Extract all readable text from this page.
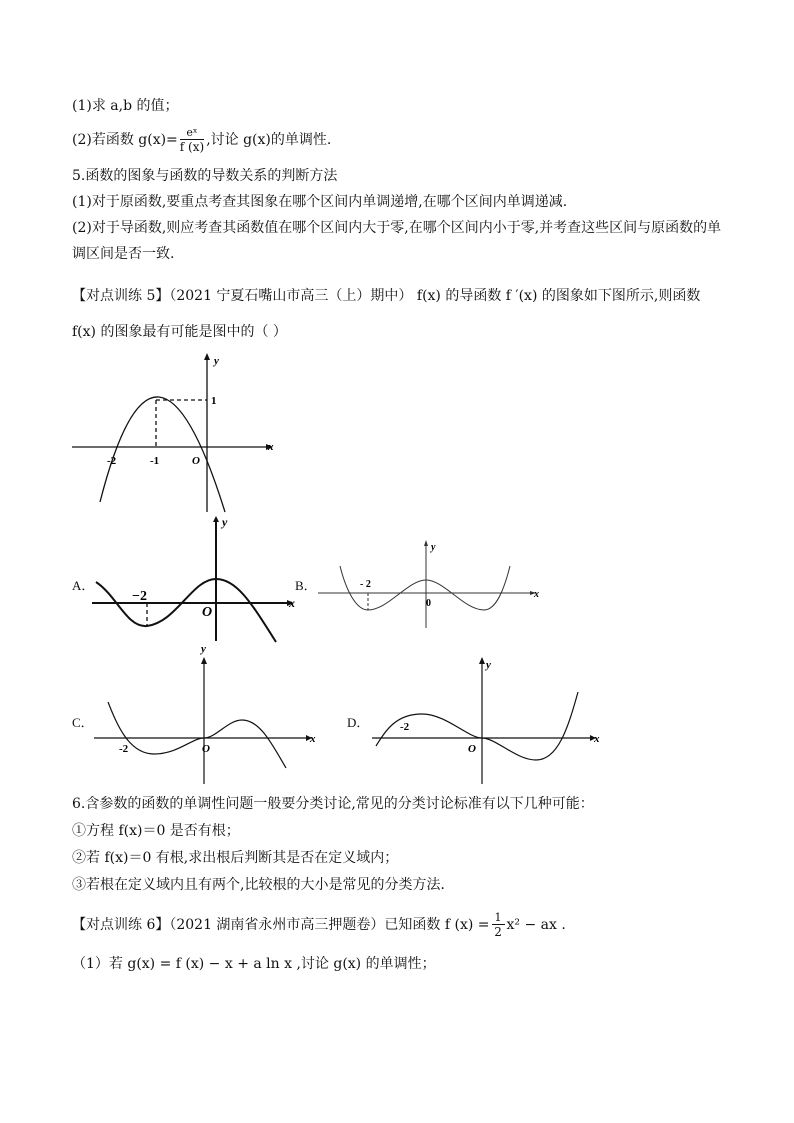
(1)求 a,b 的值；
(2)若函数 $g(x)= \frac{\text{eˣ}}{f (x)}$ ,讨论 g(x)的单调性.
5.函数的图象与函数的导数关系的判断方法
(1)对于原函数,要重点考查其图象在哪个区间内单调递增,在哪个区间内单调递减.
(2)对于导函数,则应考查其函数值在哪个区间内大于零,在哪个区间内小于零,并考查这些区间与原函数的单
调区间是否一致.
【对点训练 5】（2021 宁夏石嘴山市高三（上）期中） f(x) 的导函数 f ′(x) 的图象如下图所示,则函数
f(x) 的图象最有可能是图中的（ ）
x
y
-2	-1	O
1
A．
x
y
−2
O
B．
x
y
- 2
0
C．
x
y
-2	O
D．
x
y
-2
O
6.含参数的函数的单调性问题一般要分类讨论,常见的分类讨论标准有以下几种可能：
①方程 f(x)＝0 是否有根；
②若 f(x)＝0 有根,求出根后判断其是否在定义域内；
③若根在定义域内且有两个,比较根的大小是常见的分类方法．
【对点训练 6】（2021 湖南省永州市高三押题卷）已知函数 f $(x) = \frac{1}{2} x^2$ − ax .
（1）若 g(x) = f (x) − x + a ln x ,讨论 g(x) 的单调性；
